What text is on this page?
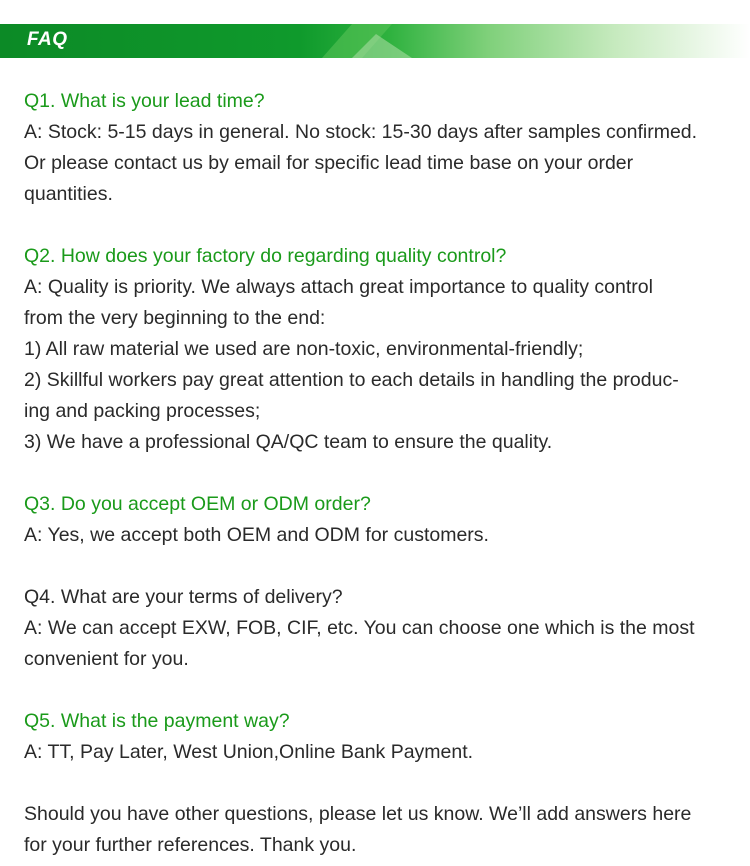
FAQ

Q1. What is your lead time?

A: Stock: 5-15 days in general. No stock: 15-30 days after samples confirmed.

Or please contact us by email for specific lead time base on your order

quantities.

Q2. How does your factory do regarding quality control?

A: Quality is priority. We always attach great importance to quality control

from the very beginning to the end:

1) All raw material we used are non-toxic, environmental-friendly;

2) Skillful workers pay great attention to each details in handling the produc-

ing and packing processes;

3) We have a professional QA/QC team to ensure the quality.

Q3. Do you accept OEM or ODM order?

A: Yes, we accept both OEM and ODM for customers.

Q4. What are your terms of delivery?

A: We can accept EXW, FOB, CIF, etc. You can choose one which is the most

convenient for you.

Q5. What is the payment way?

A: TT, Pay Later, West Union,Online Bank Payment.

Should you have other questions, please let us know. We’ll add answers here

for your further references. Thank you.
